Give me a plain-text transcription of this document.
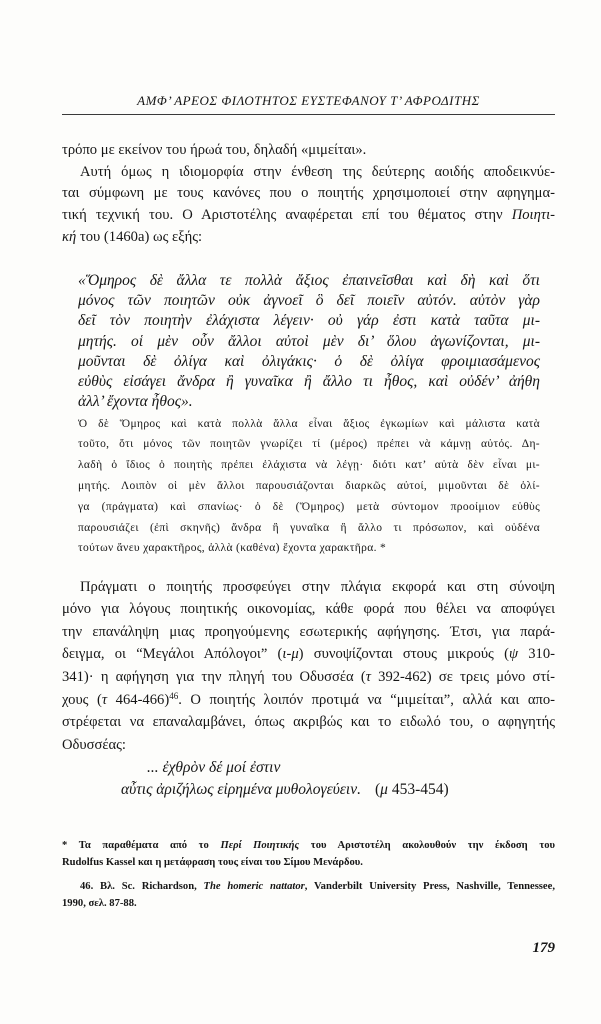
ΑΜΦ’ ΑΡΕΟΣ ΦΙΛΟΤΗΤΟΣ ΕΥΣΤΕΦΑΝΟΥ Τ’ ΑΦΡΟΔΙΤΗΣ
τρόπο με εκείνον του ήρωά του, δηλαδή «μιμείται».
Αυτή όμως η ιδιομορφία στην ένθεση της δεύτερης αοιδής αποδεικνύε-
ται σύμφωνη με τους κανόνες που ο ποιητής χρησιμοποιεί στην αφηγημα-
τική τεχνική του. Ο Αριστοτέλης αναφέρεται επί του θέματος στην Ποιητι-
κή του (1460a) ως εξής:
«Ὅμηρος δὲ ἄλλα τε πολλὰ ἄξιος ἐπαινεῖσθαι καὶ δὴ καὶ ὅτι
μόνος τῶν ποιητῶν οὐκ ἀγνοεῖ ὃ δεῖ ποιεῖν αὐτόν. αὐτὸν γὰρ
δεῖ τὸν ποιητὴν ἐλάχιστα λέγειν· οὐ γάρ ἐστι κατὰ ταῦτα μι-
μητής. οἱ μὲν οὖν ἄλλοι αὐτοὶ μὲν δι’ ὅλου ἀγωνίζονται, μι-
μοῦνται δὲ ὀλίγα καὶ ὀλιγάκις· ὁ δὲ ὀλίγα φροιμιασάμενος
εὐθὺς εἰσάγει ἄνδρα ἢ γυναῖκα ἢ ἄλλο τι ἦθος, καὶ οὐδέν’ ἀήθη
ἀλλ’ ἔχοντα ἦθος».
Ὁ δὲ Ὅμηρος καὶ κατὰ πολλὰ ἄλλα εἶναι ἄξιος ἐγκωμίων καὶ μάλιστα κατὰ
τοῦτο, ὅτι μόνος τῶν ποιητῶν γνωρίζει τί (μέρος) πρέπει νὰ κάμνῃ αὐτός. Δη-
λαδὴ ὁ ἴδιος ὁ ποιητὴς πρέπει ἐλάχιστα νὰ λέγῃ· διότι κατ’ αὐτὰ δὲν εἶναι μι-
μητής. Λοιπὸν οἱ μὲν ἄλλοι παρουσιάζονται διαρκῶς αὐτοί, μιμοῦνται δὲ ὀλί-
γα (πράγματα) καὶ σπανίως· ὁ δὲ (Ὅμηρος) μετὰ σύντομον προοίμιον εὐθὺς
παρουσιάζει (ἐπὶ σκηνῆς) ἄνδρα ἢ γυναῖκα ἢ ἄλλο τι πρόσωπον, καὶ οὐδένα
τούτων ἄνευ χαρακτῆρος, ἀλλὰ (καθένα) ἔχοντα χαρακτῆρα. *
Πράγματι ο ποιητής προσφεύγει στην πλάγια εκφορά και στη σύνοψη
μόνο για λόγους ποιητικής οικονομίας, κάθε φορά που θέλει να αποφύγει
την επανάληψη μιας προηγούμενης εσωτερικής αφήγησης. Έτσι, για παρά-
δειγμα, οι “Μεγάλοι Απόλογοι” (ι-μ) συνοψίζονται στους μικρούς (ψ 310-
341)· η αφήγηση για την πληγή του Οδυσσέα (τ 392-462) σε τρεις μόνο στί-
χους (τ 464-466)$^{46}$. Ο ποιητής λοιπόν προτιμά να “μιμείται”, αλλά και απο-
στρέφεται να επαναλαμβάνει, όπως ακριβώς και το ειδωλό του, ο αφηγητής
Οδυσσέας:
... ἐχθρὸν δέ μοί ἐστιν
αὖτις ἀριζήλως εἰρημένα μυθολογεύειν. (μ 453-454)
* Τα παραθέματα από το Περί Ποιητικής του Αριστοτέλη ακολουθούν την έκδοση του
Rudolfus Kassel και η μετάφραση τους είναι του Σίμου Μενάρδου.
46. Βλ. Sc. Richardson, The homeric nattator, Vanderbilt University Press, Nashville, Tennessee,
1990, σελ. 87-88.
179
